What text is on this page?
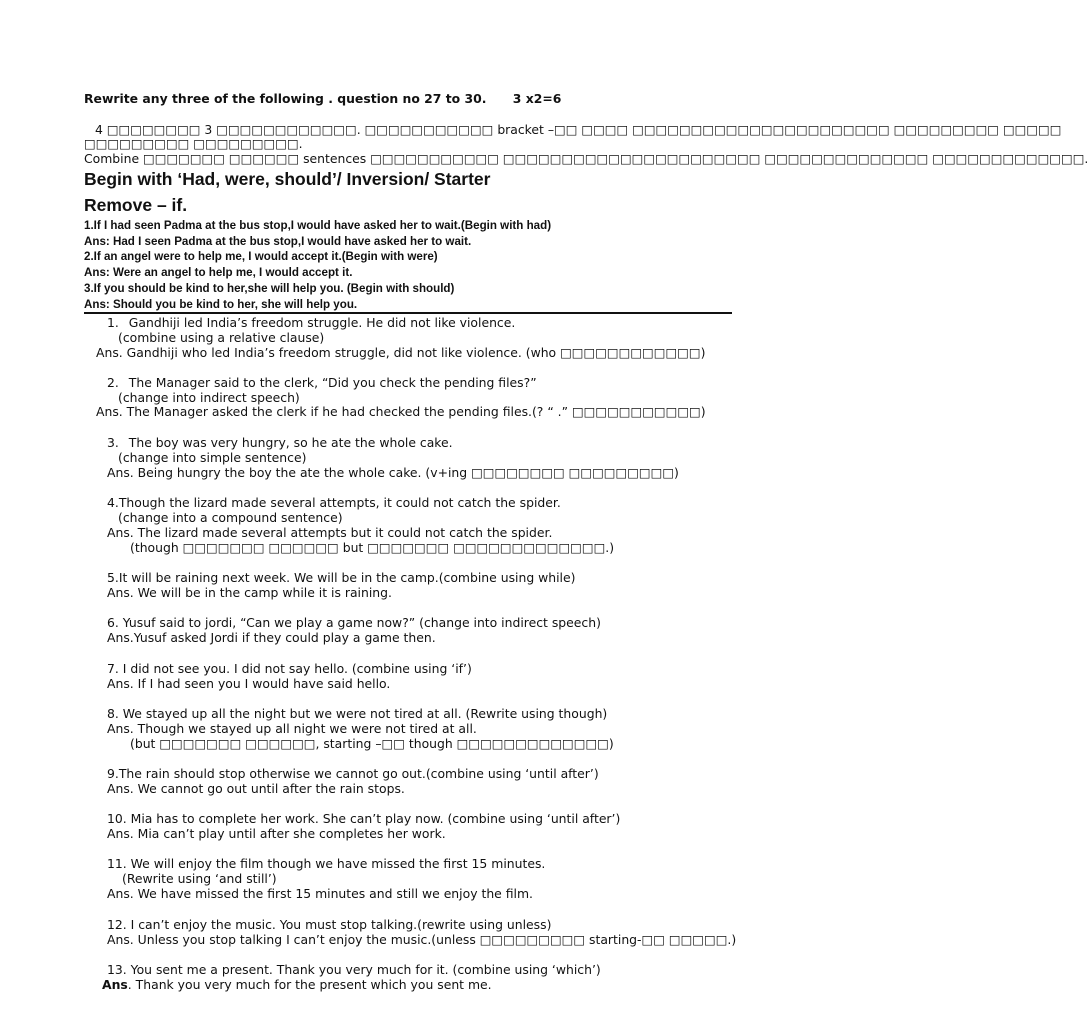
Rewrite any three of the following . question no 27 to 30. 3 x2=6
4 □□□□□□□□ 3 □□□□□□□□□□□□. □□□□□□□□□□□ bracket –□□ □□□□ □□□□□□□□□□□□□□□□□□□□□□ □□□□□□□□□ □□□□□
□□□□□□□□□ □□□□□□□□□.
Combine □□□□□□□ □□□□□□ sentences □□□□□□□□□□□ □□□□□□□□□□□□□□□□□□□□□□ □□□□□□□□□□□□□□ □□□□□□□□□□□□□.
Begin with ‘Had, were, should’/ Inversion/ Starter
Remove – if.
1.If I had seen Padma at the bus stop,I would have asked her to wait.(Begin with had)
Ans: Had I seen Padma at the bus stop,I would have asked her to wait.
2.If an angel were to help me, I would accept it.(Begin with were)
Ans: Were an angel to help me, I would accept it.
3.If you should be kind to her,she will help you. (Begin with should)
Ans: Should you be kind to her, she will help you.
1. Gandhiji led India’s freedom struggle. He did not like violence.
(combine using a relative clause)
Ans. Gandhiji who led India’s freedom struggle, did not like violence. (who □□□□□□□□□□□□)
2. The Manager said to the clerk, “Did you check the pending files?”
(change into indirect speech)
Ans. The Manager asked the clerk if he had checked the pending files.(? “ .” □□□□□□□□□□□)
3. The boy was very hungry, so he ate the whole cake.
(change into simple sentence)
Ans. Being hungry the boy the ate the whole cake. (v+ing □□□□□□□□ □□□□□□□□□)
4.Though the lizard made several attempts, it could not catch the spider.
(change into a compound sentence)
Ans. The lizard made several attempts but it could not catch the spider.
(though □□□□□□□ □□□□□□ but □□□□□□□ □□□□□□□□□□□□□.)
5.It will be raining next week. We will be in the camp.(combine using while)
Ans. We will be in the camp while it is raining.
6. Yusuf said to jordi, “Can we play a game now?” (change into indirect speech)
Ans.Yusuf asked Jordi if they could play a game then.
7. I did not see you. I did not say hello. (combine using ‘if’)
Ans. If I had seen you I would have said hello.
8. We stayed up all the night but we were not tired at all. (Rewrite using though)
Ans. Though we stayed up all night we were not tired at all.
(but □□□□□□□ □□□□□□, starting –□□ though □□□□□□□□□□□□□)
9.The rain should stop otherwise we cannot go out.(combine using ‘until after’)
Ans. We cannot go out until after the rain stops.
10. Mia has to complete her work. She can’t play now. (combine using ‘until after’)
Ans. Mia can’t play until after she completes her work.
11. We will enjoy the film though we have missed the first 15 minutes.
(Rewrite using ‘and still’)
Ans. We have missed the first 15 minutes and still we enjoy the film.
12. I can’t enjoy the music. You must stop talking.(rewrite using unless)
Ans. Unless you stop talking I can’t enjoy the music.(unless □□□□□□□□□ starting-□□ □□□□□.)
13. You sent me a present. Thank you very much for it. (combine using ‘which’)
Ans. Thank you very much for the present which you sent me.
